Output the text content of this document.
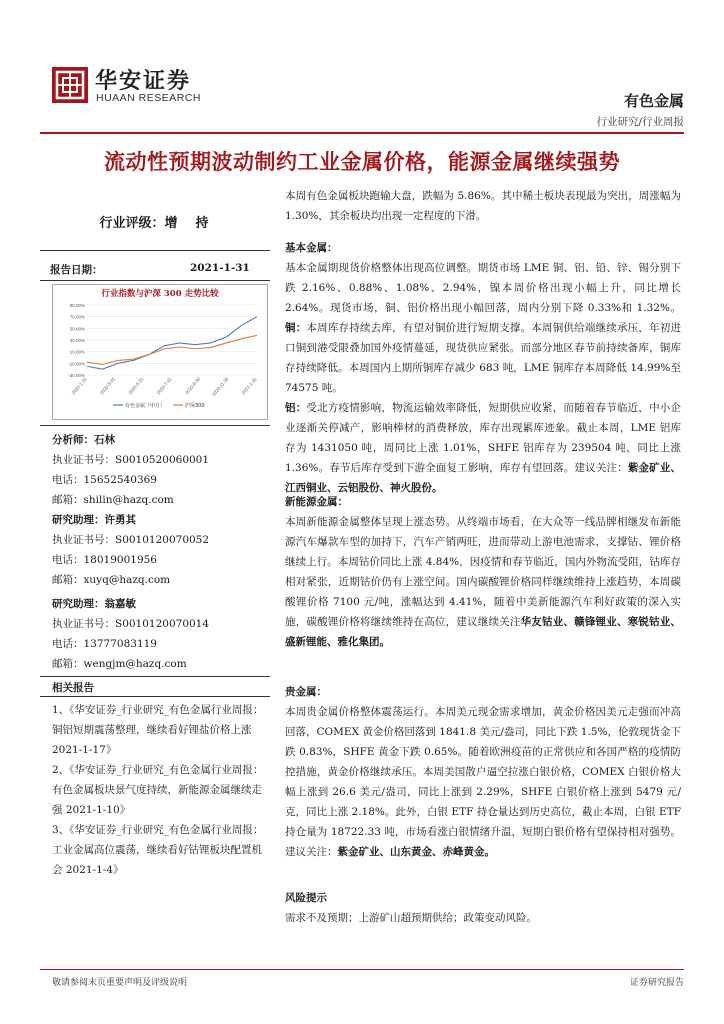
华安证券
HUAAN RESEARCH	有色金属
行业研究/行业周报
流动性预期波动制约工业金属价格，能源金属继续强势
行业评级：增    持
报告日期：	2021-1-31
行业指数与沪深 300 走势比较
90.00%
70.00%
50.00%
30.00%
10.00%
-10.00%
-30.00%
2020-1-31	2020-3-31	2020-5-31	2020-7-31	2020-9-30 2020-11-30	2021-1-31
有色金属（申万）	沪深300
分析师：石林
执业证书号：S0010520060001
电话：15652540369
邮箱：shilin@hazq.com
研究助理：许勇其
执业证书号：S0010120070052
电话：18019001956
邮箱：xuyq@hazq.com
研究助理：翁嘉敏
执业证书号：S0010120070014
电话：13777083119
邮箱：wengjm@hazq.com
相关报告

1、《华安证券_行业研究_有色金属行业周报：铜铝短期震荡整理，继续看好锂盐价格上涨 2021-1-17》

2、《华安证券_行业研究_有色金属行业周报：有色金属板块景气度持续，新能源金属继续走强 2021-1-10》

3、《华安证券_行业研究_有色金属行业周报：工业金属高位震荡，继续看好钴锂板块配置机会 2021-1-4》

本周有色金属板块跑输大盘，跌幅为 5.86%。其中稀土板块表现最为突出，周涨幅为 1.30%，其余板块均出现一定程度的下滑。

基本金属：

基本金属期现货价格整体出现高位调整。期货市场 LME 铜、铝、铅、锌、锡分别下跌 2.16%、0.88%、1.08%、2.94%，镍本周价格出现小幅上升，同比增长 2.64%。现货市场，铜、铝价格出现小幅回落，周内分别下降 0.33%和 1.32%。铜：本周库存持续去库，有望对铜价进行短期支撑。本周铜供给端继续承压，年初进口铜到港受限叠加国外疫情蔓延，现货供应紧张。而部分地区春节前持续备库，铜库存持续降低。本周国内上期所铜库存减少 683 吨，LME 铜库存本周降低 14.99%至 74575 吨。

铝：受北方疫情影响，物流运输效率降低，短期供应收紧，而随着春节临近，中小企业逐渐关停减产，影响棒材的消费释放，库存出现累库迹象。截止本周，LME 铝库存为 1431050 吨，周同比上涨 1.01%，SHFE 铝库存为 239504 吨，同比上涨 1.36%。春节后库存受到下游全面复工影响，库存有望回落。建议关注：紫金矿业、江西铜业、云铝股份、神火股份。

新能源金属：

本周新能源金属整体呈现上涨态势。从终端市场看，在大众等一线品牌相继发布新能源汽车爆款车型的加持下，汽车产销两旺，进而带动上游电池需求，支撑钴、锂价格继续上行。本周钴价同比上涨 4.84%，因疫情和春节临近，国内外物流受阻，钴库存相对紧张，近期钴价仍有上涨空间。国内碳酸锂价格同样继续维持上涨趋势，本周碳酸锂价格 7100 元/吨，涨幅达到 4.41%，随着中美新能源汽车利好政策的深入实施，碳酸锂价格将继续维持在高位，建议继续关注华友钴业、赣锋锂业、寒锐钴业、盛新锂能、雅化集团。

贵金属：

本周贵金属价格整体震荡运行。本周美元现金需求增加，黄金价格因美元走强而冲高回落，COMEX 黄金价格回落到 1841.8 美元/盎司，同比下跌 1.5%，伦敦现货金下跌 0.83%，SHFE 黄金下跌 0.65%。随着欧洲疫苗的正常供应和各国严格的疫情防控措施，黄金价格继续承压。本周美国散户逼空拉涨白银价格，COMEX 白银价格大幅上涨到 26.6 美元/盎司，同比上涨到 2.29%，SHFE 白银价格上涨到 5479 元/克，同比上涨 2.18%。此外，白银 ETF 持仓量达到历史高位，截止本周，白银 ETF 持仓量为 18722.33 吨，市场看涨白银情绪升温，短期白银价格有望保持相对强势。建议关注：紫金矿业、山东黄金、赤峰黄金。

风险提示

需求不及预期；上游矿山超预期供给；政策变动风险。

敬请参阅末页重要声明及评级说明	证券研究报告
